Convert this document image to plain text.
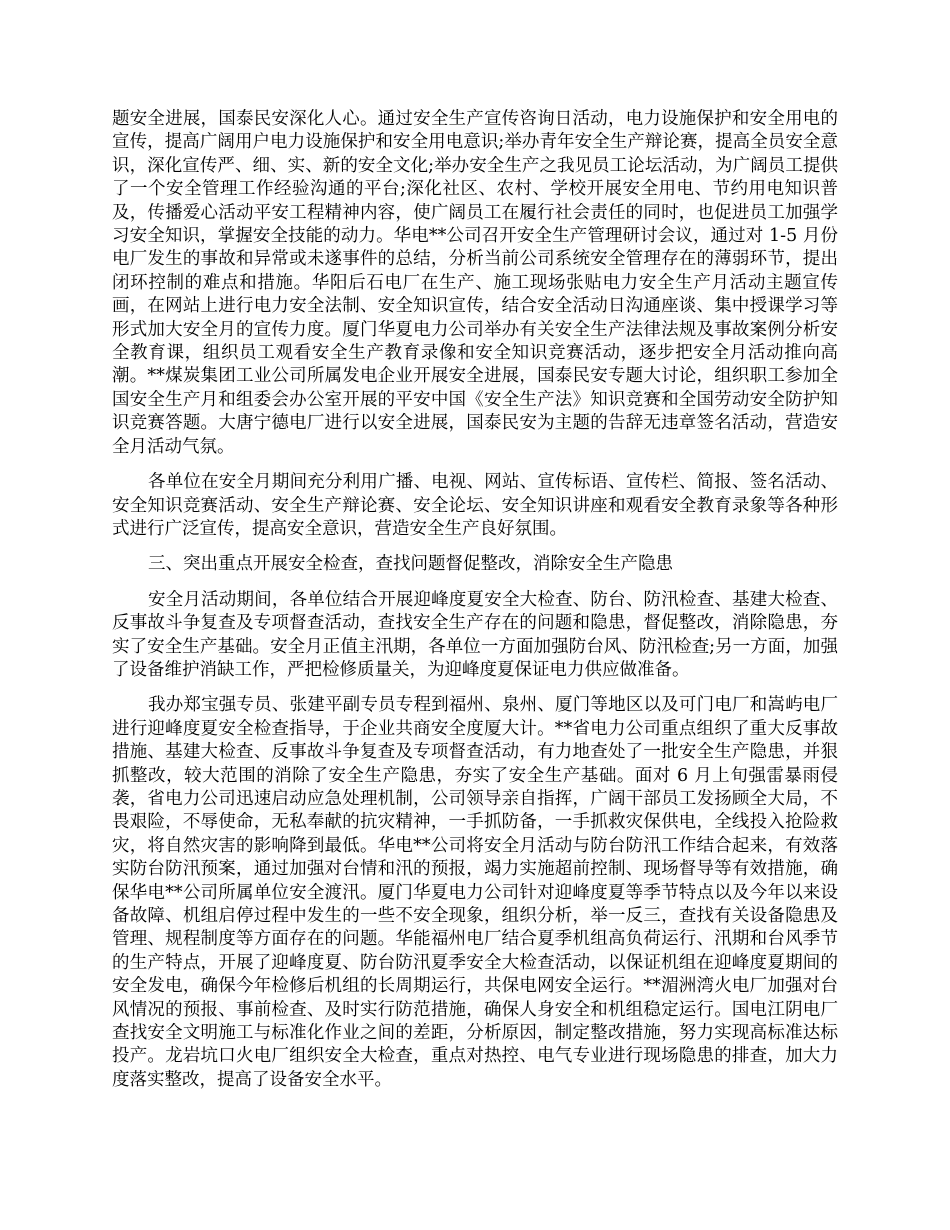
题安全进展，国泰民安深化人心。通过安全生产宣传咨询日活动，电力设施保护和安全用电的宣传，提高广阔用户电力设施保护和安全用电意识;举办青年安全生产辩论赛，提高全员安全意识，深化宣传严、细、实、新的安全文化;举办安全生产之我见员工论坛活动，为广阔员工提供了一个安全管理工作经验沟通的平台;深化社区、农村、学校开展安全用电、节约用电知识普及，传播爱心活动平安工程精神内容，使广阔员工在履行社会责任的同时，也促进员工加强学习安全知识，掌握安全技能的动力。华电**公司召开安全生产管理研讨会议，通过对 1-5 月份电厂发生的事故和异常或未遂事件的总结，分析当前公司系统安全管理存在的薄弱环节，提出闭环控制的难点和措施。华阳后石电厂在生产、施工现场张贴电力安全生产月活动主题宣传画，在网站上进行电力安全法制、安全知识宣传，结合安全活动日沟通座谈、集中授课学习等形式加大安全月的宣传力度。厦门华夏电力公司举办有关安全生产法律法规及事故案例分析安全教育课，组织员工观看安全生产教育录像和安全知识竞赛活动，逐步把安全月活动推向高潮。**煤炭集团工业公司所属发电企业开展安全进展，国泰民安专题大讨论，组织职工参加全国安全生产月和组委会办公室开展的平安中国《安全生产法》知识竞赛和全国劳动安全防护知识竞赛答题。大唐宁德电厂进行以安全进展，国泰民安为主题的告辞无违章签名活动，营造安全月活动气氛。

各单位在安全月期间充分利用广播、电视、网站、宣传标语、宣传栏、简报、签名活动、安全知识竞赛活动、安全生产辩论赛、安全论坛、安全知识讲座和观看安全教育录象等各种形式进行广泛宣传，提高安全意识，营造安全生产良好氛围。

三、突出重点开展安全检查，查找问题督促整改，消除安全生产隐患

安全月活动期间，各单位结合开展迎峰度夏安全大检查、防台、防汛检查、基建大检查、反事故斗争复查及专项督查活动，查找安全生产存在的问题和隐患，督促整改，消除隐患，夯实了安全生产基础。安全月正值主汛期，各单位一方面加强防台风、防汛检查;另一方面，加强了设备维护消缺工作，严把检修质量关，为迎峰度夏保证电力供应做准备。

我办郑宝强专员、张建平副专员专程到福州、泉州、厦门等地区以及可门电厂和嵩屿电厂进行迎峰度夏安全检查指导，于企业共商安全度厦大计。**省电力公司重点组织了重大反事故措施、基建大检查、反事故斗争复查及专项督查活动，有力地查处了一批安全生产隐患，并狠抓整改，较大范围的消除了安全生产隐患，夯实了安全生产基础。面对 6 月上旬强雷暴雨侵袭，省电力公司迅速启动应急处理机制，公司领导亲自指挥，广阔干部员工发扬顾全大局，不畏艰险，不辱使命，无私奉献的抗灾精神，一手抓防备，一手抓救灾保供电，全线投入抢险救灾，将自然灾害的影响降到最低。华电**公司将安全月活动与防台防汛工作结合起来，有效落实防台防汛预案，通过加强对台情和汛的预报，竭力实施超前控制、现场督导等有效措施，确保华电**公司所属单位安全渡汛。厦门华夏电力公司针对迎峰度夏等季节特点以及今年以来设备故障、机组启停过程中发生的一些不安全现象，组织分析，举一反三，查找有关设备隐患及管理、规程制度等方面存在的问题。华能福州电厂结合夏季机组高负荷运行、汛期和台风季节的生产特点，开展了迎峰度夏、防台防汛夏季安全大检查活动，以保证机组在迎峰度夏期间的安全发电，确保今年检修后机组的长周期运行，共保电网安全运行。**湄洲湾火电厂加强对台风情况的预报、事前检查、及时实行防范措施，确保人身安全和机组稳定运行。国电江阴电厂查找安全文明施工与标准化作业之间的差距，分析原因，制定整改措施，努力实现高标准达标投产。龙岩坑口火电厂组织安全大检查，重点对热控、电气专业进行现场隐患的排查，加大力度落实整改，提高了设备安全水平。
